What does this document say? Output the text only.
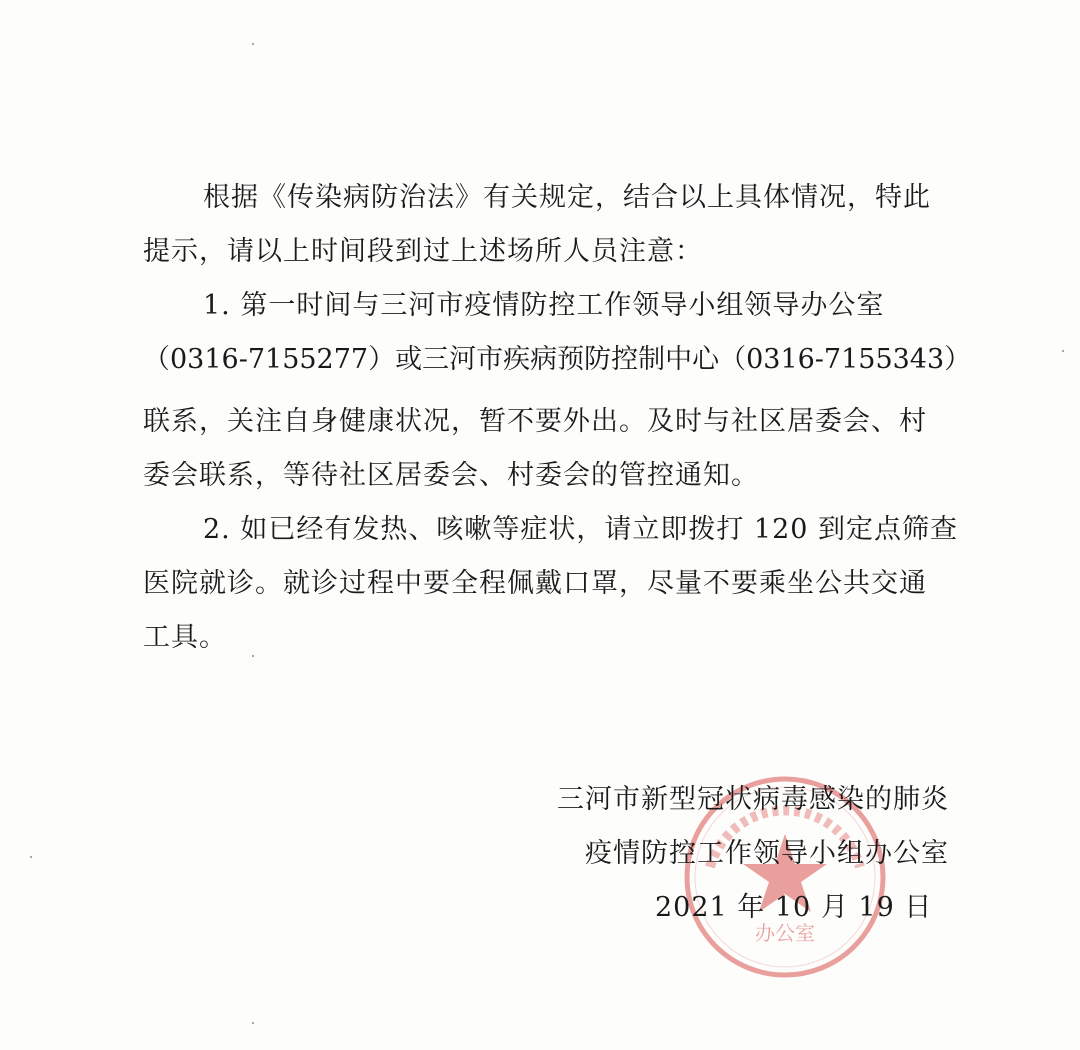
根据《传染病防治法》有关规定，结合以上具体情况，特此
提示，请以上时间段到过上述场所人员注意：
1. 第一时间与三河市疫情防控工作领导小组领导办公室
（0316-7155277）或三河市疾病预防控制中心（0316-7155343）
联系，关注自身健康状况，暂不要外出。及时与社区居委会、村
委会联系，等待社区居委会、村委会的管控通知。
2. 如已经有发热、咳嗽等症状，请立即拨打 120 到定点筛查
医院就诊。就诊过程中要全程佩戴口罩，尽量不要乘坐公共交通
工具。
办公室
三河市新型冠状病毒感染的肺炎
疫情防控工作领导小组办公室
2021 年 10 月 19 日
